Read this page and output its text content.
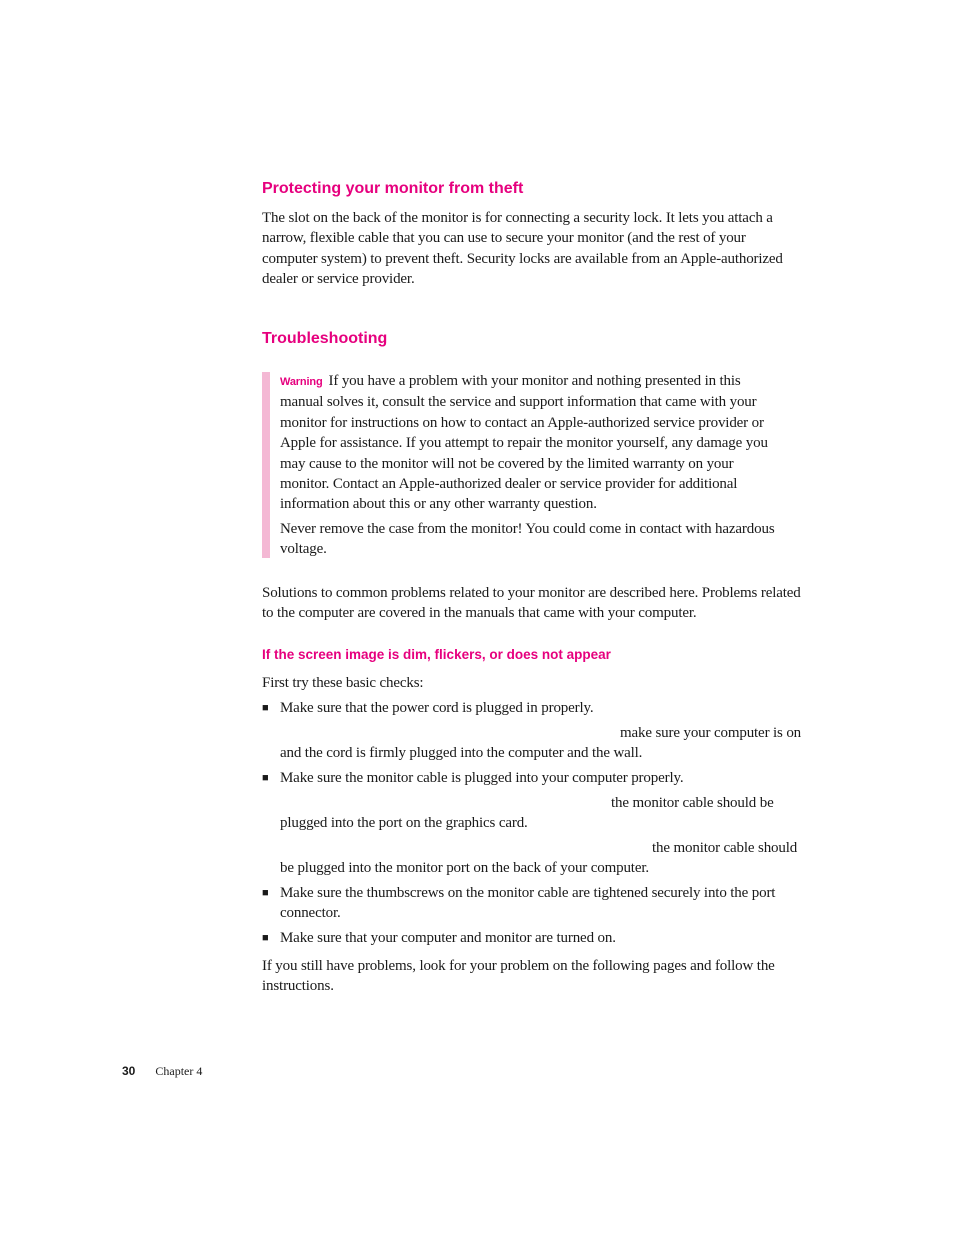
Protecting your monitor from theft

The slot on the back of the monitor is for connecting a security lock. It lets you attach a narrow, flexible cable that you can use to secure your monitor (and the rest of your computer system) to prevent theft. Security locks are available from an Apple-authorized dealer or service provider.

Troubleshooting

Warning If you have a problem with your monitor and nothing presented in this manual solves it, consult the service and support information that came with your monitor for instructions on how to contact an Apple-authorized service provider or Apple for assistance. If you attempt to repair the monitor yourself, any damage you may cause to the monitor will not be covered by the limited warranty on your monitor. Contact an Apple-authorized dealer or service provider for additional information about this or any other warranty question.

Never remove the case from the monitor! You could come in contact with hazardous voltage.

Solutions to common problems related to your monitor are described here. Problems related to the computer are covered in the manuals that came with your computer.

If the screen image is dim, flickers, or does not appear
First try these basic checks:
■ Make sure that the power cord is plugged in properly.
make sure your computer is on
and the cord is firmly plugged into the computer and the wall.
■ Make sure the monitor cable is plugged into your computer properly.
the monitor cable should be
plugged into the port on the graphics card.
the monitor cable should
be plugged into the monitor port on the back of your computer.
■ Make sure the thumbscrews on the monitor cable are tightened securely into the port
connector.
■ Make sure that your computer and monitor are turned on.

If you still have problems, look for your problem on the following pages and follow the instructions.

30 Chapter 4
